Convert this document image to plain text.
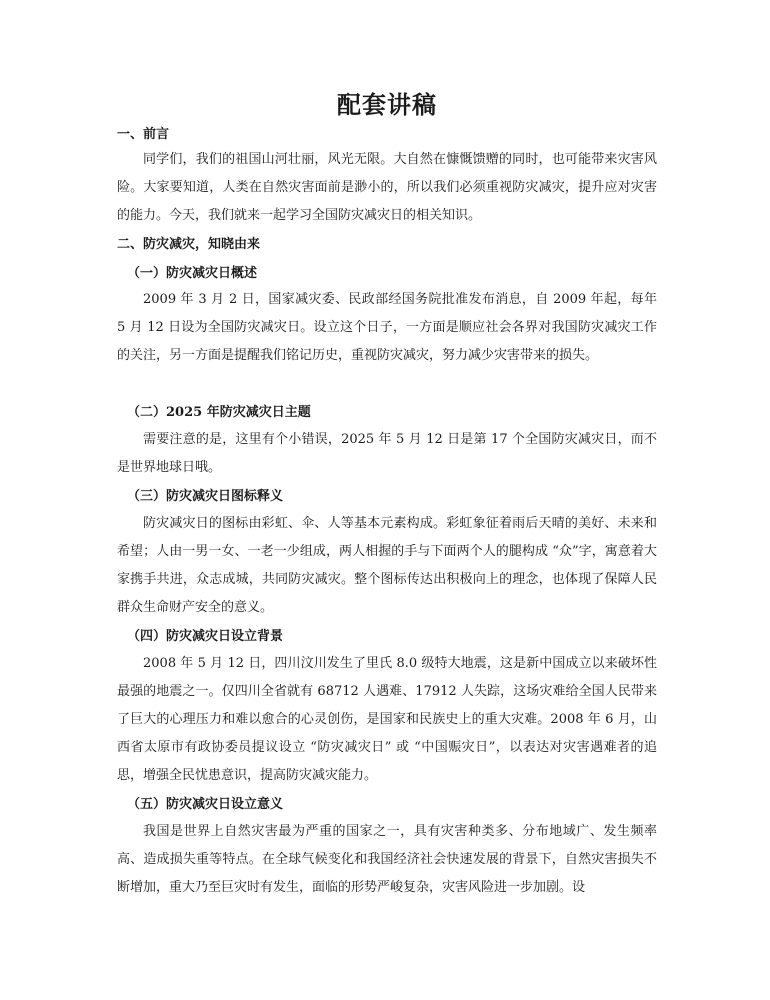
配套讲稿
一、前言
同学们，我们的祖国山河壮丽，风光无限。大自然在慷慨馈赠的同时，也可能带来灾害风险。大家要知道，人类在自然灾害面前是渺小的，所以我们必须重视防灾减灾，提升应对灾害的能力。今天，我们就来一起学习全国防灾减灾日的相关知识。
二、防灾减灾，知晓由来
（一）防灾减灾日概述
2009 年 3 月 2 日，国家减灾委、民政部经国务院批准发布消息，自 2009 年起，每年 5 月 12 日设为全国防灾减灾日。设立这个日子，一方面是顺应社会各界对我国防灾减灾工作的关注，另一方面是提醒我们铭记历史，重视防灾减灾，努力减少灾害带来的损失。
（二）2025 年防灾减灾日主题
需要注意的是，这里有个小错误，2025 年 5 月 12 日是第 17 个全国防灾减灾日，而不是世界地球日哦。
（三）防灾减灾日图标释义
防灾减灾日的图标由彩虹、伞、人等基本元素构成。彩虹象征着雨后天晴的美好、未来和希望；人由一男一女、一老一少组成，两人相握的手与下面两个人的腿构成 “众”字，寓意着大家携手共进，众志成城，共同防灾减灾。整个图标传达出积极向上的理念，也体现了保障人民群众生命财产安全的意义。
（四）防灾减灾日设立背景
2008 年 5 月 12 日，四川汶川发生了里氏 8.0 级特大地震，这是新中国成立以来破坏性最强的地震之一。仅四川全省就有 68712 人遇难、17912 人失踪，这场灾难给全国人民带来了巨大的心理压力和难以愈合的心灵创伤，是国家和民族史上的重大灾难。2008 年 6 月，山西省太原市有政协委员提议设立 “防灾减灾日” 或 “中国赈灾日”，以表达对灾害遇难者的追思，增强全民忧患意识，提高防灾减灾能力。
（五）防灾减灾日设立意义
我国是世界上自然灾害最为严重的国家之一，具有灾害种类多、分布地域广、发生频率高、造成损失重等特点。在全球气候变化和我国经济社会快速发展的背景下，自然灾害损失不断增加，重大乃至巨灾时有发生，面临的形势严峻复杂，灾害风险进一步加剧。设
